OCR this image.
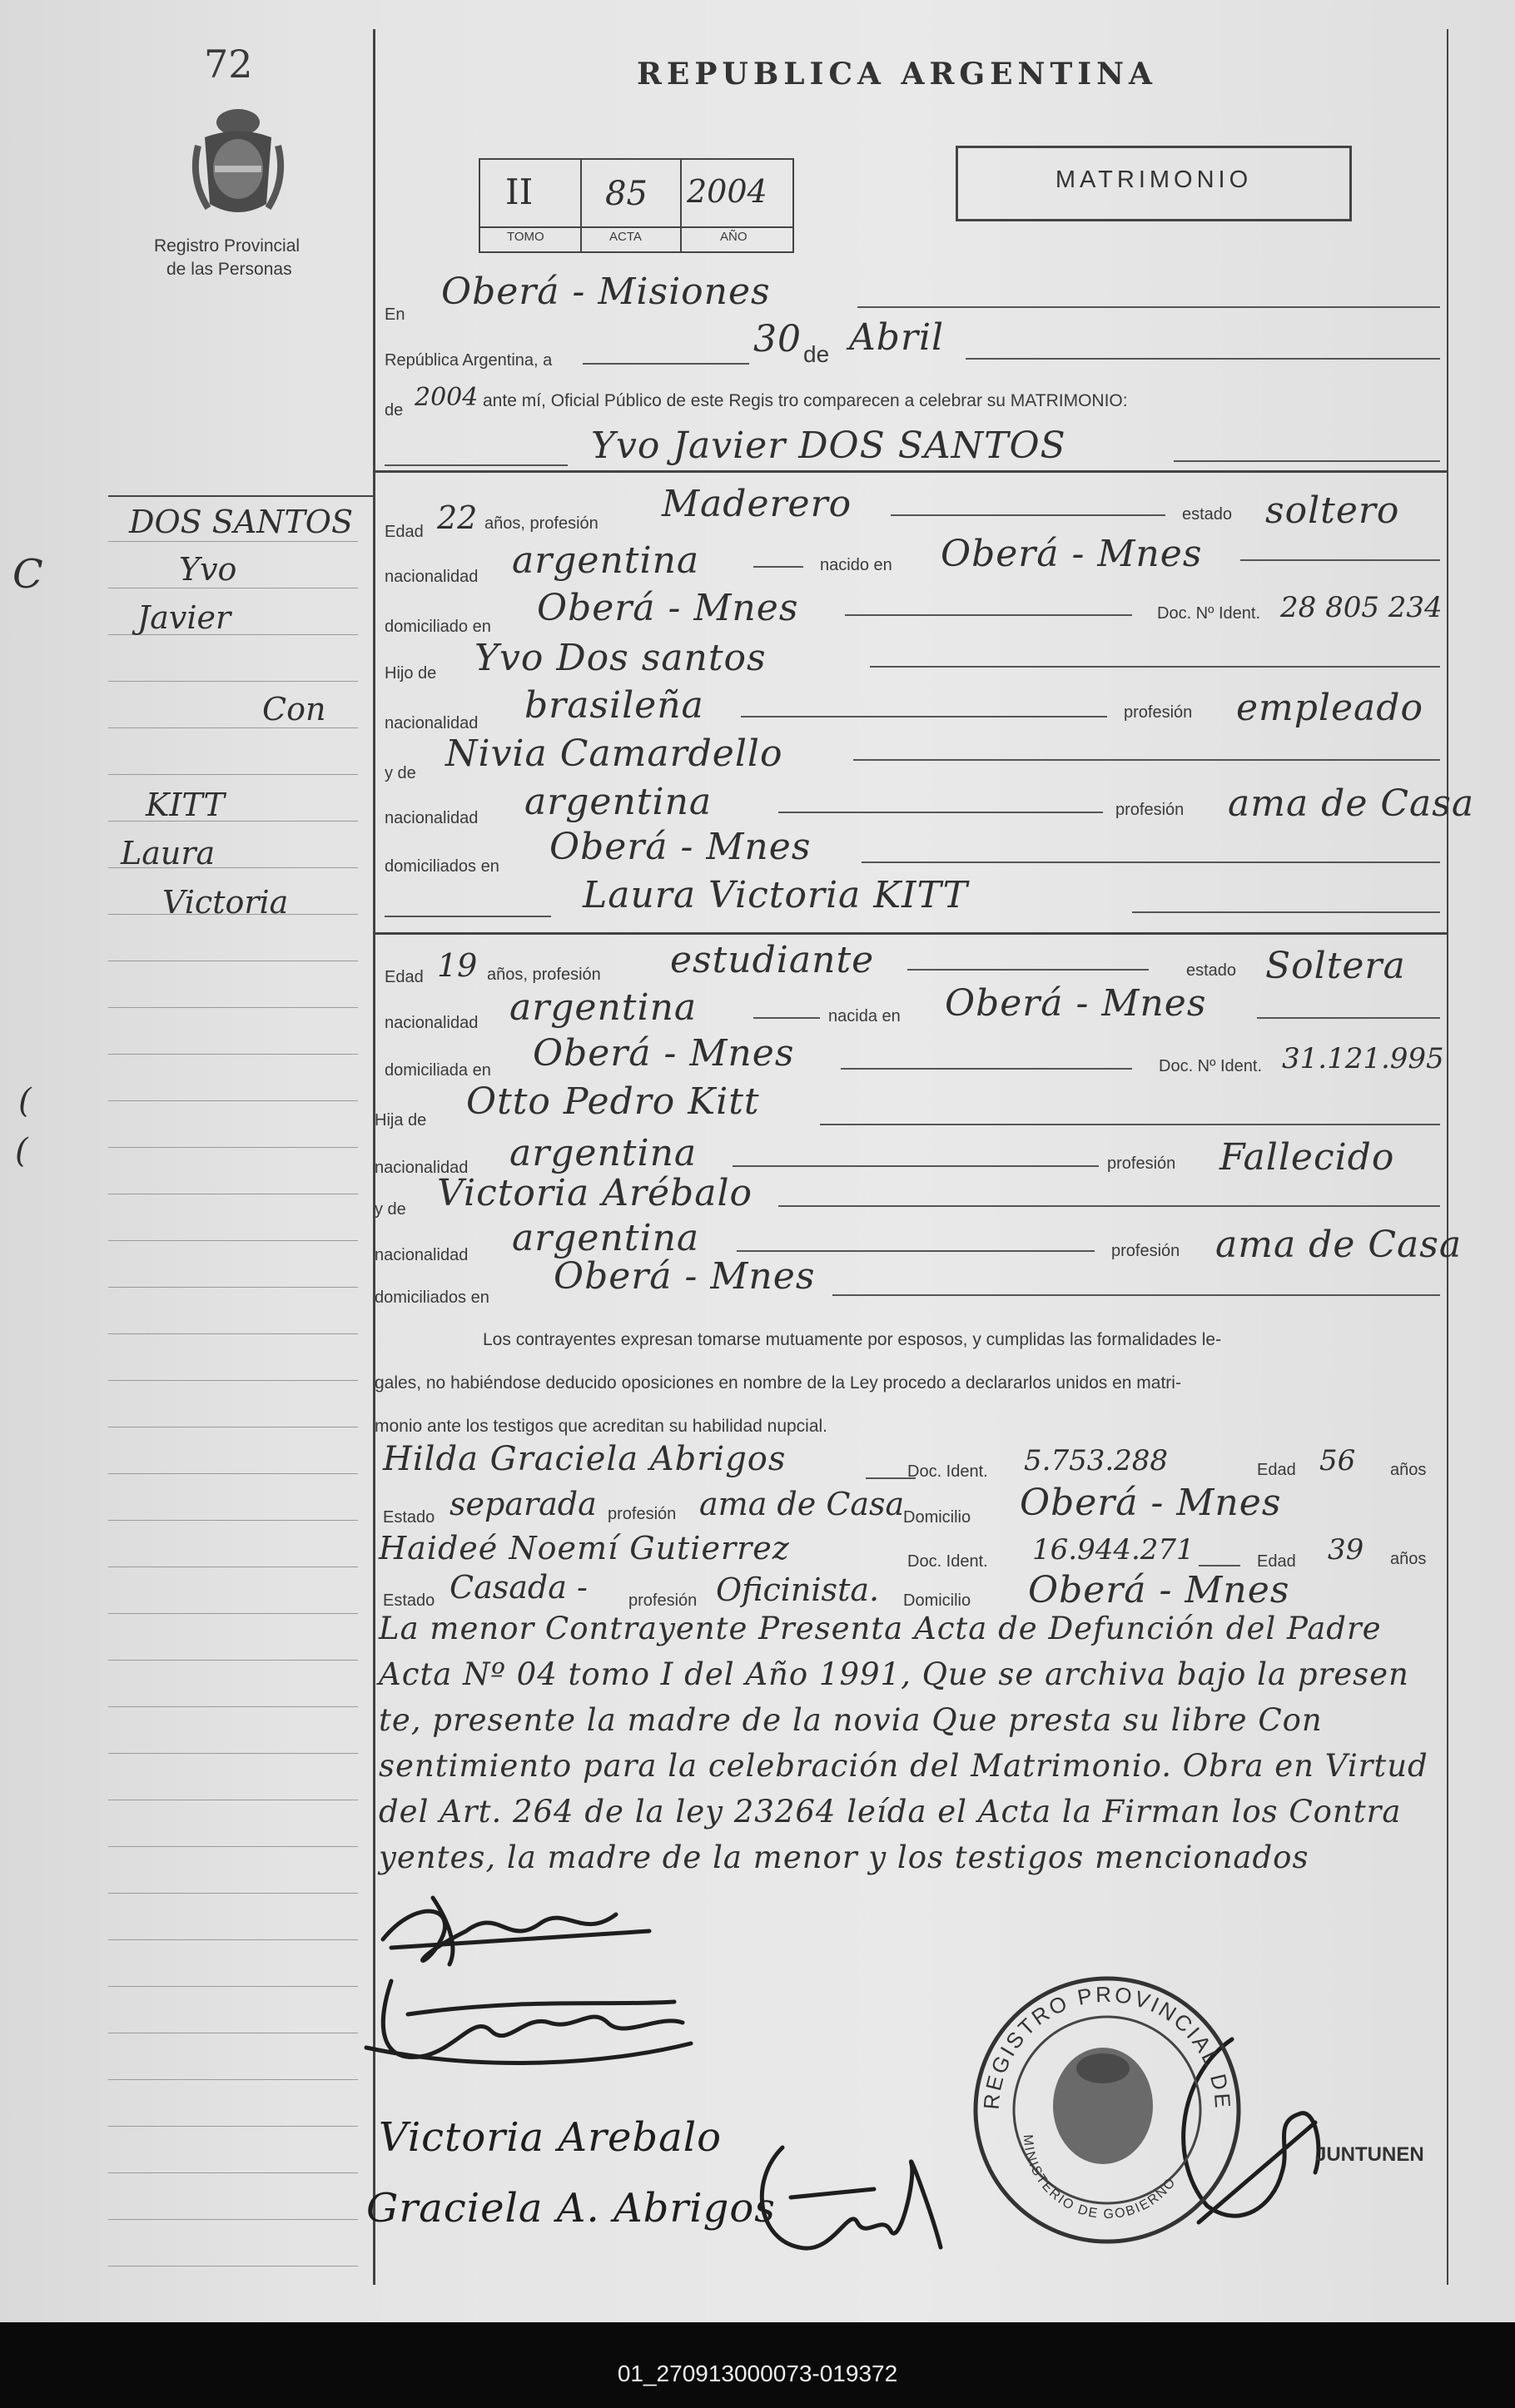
72
Registro Provincial
de las Personas
REPUBLICA ARGENTINA
II 85 2004
TOMO	ACTA	AÑO
MATRIMONIO
DOS SANTOS
Yvo
Javier
Con
KITT
Laura
Victoria
C
(
(
En
Oberá - Misiones
República Argentina, a	30 de Abril
de 2004 ante mí, Oficial Público de este Regis tro comparecen a celebrar su MATRIMONIO:
Yvo Javier DOS SANTOS
Edad 22 años, profesión Maderero	estado soltero
nacionalidad argentina	nacido en Oberá - Mnes
domiciliado en Oberá - Mnes	Doc. Nº Ident. 28 805 234
Hijo de Yvo Dos santos
nacionalidad brasileña	profesión empleado
y de Nivia Camardello
nacionalidad argentina	profesión ama de Casa
domiciliados en Oberá - Mnes
Laura Victoria KITT
Edad 19 años, profesión estudiante	estado Soltera
nacionalidad argentina	nacida en Oberá - Mnes
domiciliada en Oberá - Mnes	Doc. Nº Ident. 31.121.995
Hija de Otto Pedro Kitt
nacionalidad argentina	profesión Fallecido
y de Victoria Arébalo
nacionalidad argentina	profesión ama de Casa
domiciliados en Oberá - Mnes
Los contrayentes expresan tomarse mutuamente por esposos, y cumplidas las formalidades le-
gales, no habiéndose deducido oposiciones en nombre de la Ley procedo a declararlos unidos en matri-
monio ante los testigos que acreditan su habilidad nupcial.
Hilda Graciela Abrigos	Doc. Ident. 5.753.288	Edad 56 años
Estado separada profesión ama de Casa
Domicilio Oberá - Mnes
Haideé Noemí Gutierrez	Doc. Ident. 16.944.271	Edad 39 años
Estado Casada - profesión Oficinista. Domicilio Oberá - Mnes
La menor Contrayente Presenta Acta de Defunción del Padre
Acta Nº 04 tomo I del Año 1991, Que se archiva bajo la presen
te, presente la madre de la novia Que presta su libre Con
sentimiento para la celebración del Matrimonio. Obra en Virtud
del Art. 264 de la ley 23264 leída el Acta la Firman los Contra
yentes, la madre de la menor y los testigos mencionados
Victoria Arebalo
Graciela A. Abrigos
REGISTRO PROVINCIAL DE
MINISTERIO DE GOBIERNO
JUNTUNEN
01_270913000073-019372
